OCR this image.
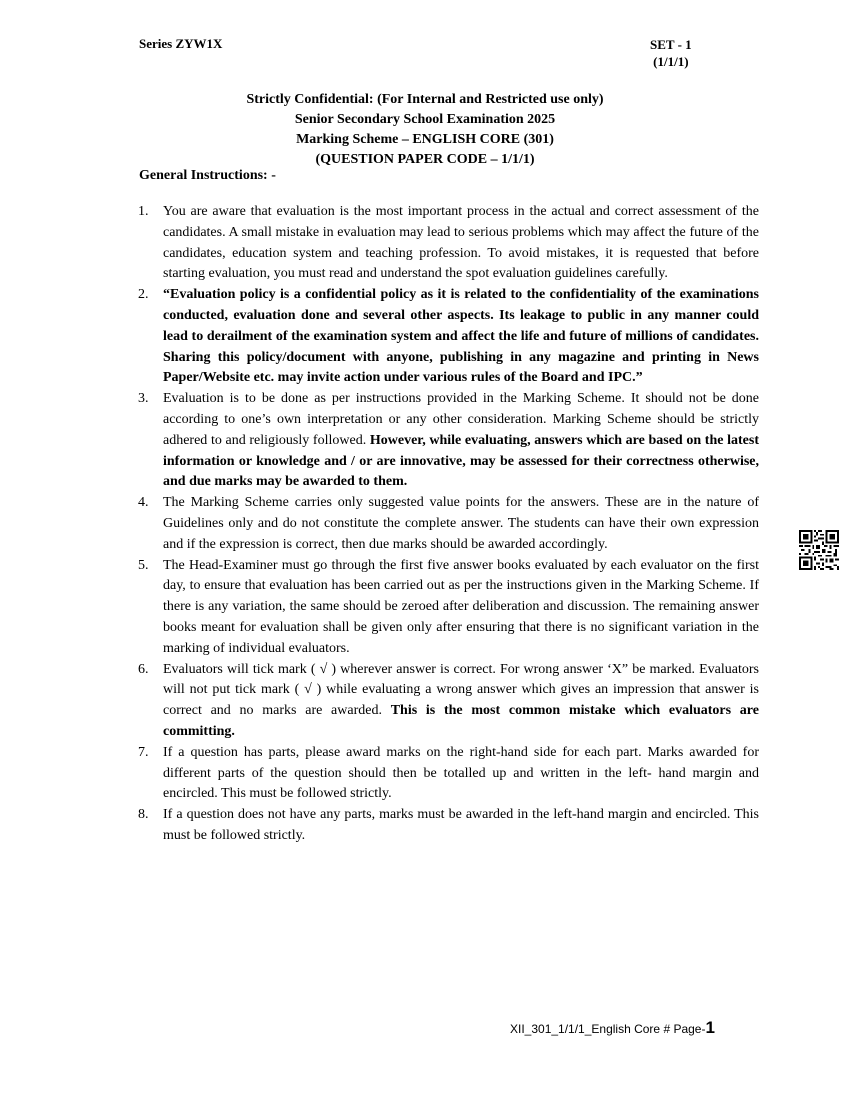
Series ZYW1X	SET - 1
(1/1/1)
Strictly Confidential: (For Internal and Restricted use only)
Senior Secondary School Examination 2025
Marking Scheme – ENGLISH CORE (301)
(QUESTION PAPER CODE – 1/1/1)
General Instructions: -
1. You are aware that evaluation is the most important process in the actual and correct assessment of the candidates. A small mistake in evaluation may lead to serious problems which may affect the future of the candidates, education system and teaching profession. To avoid mistakes, it is requested that before starting evaluation, you must read and understand the spot evaluation guidelines carefully.
2. “Evaluation policy is a confidential policy as it is related to the confidentiality of the examinations conducted, evaluation done and several other aspects. Its leakage to public in any manner could lead to derailment of the examination system and affect the life and future of millions of candidates. Sharing this policy/document with anyone, publishing in any magazine and printing in News Paper/Website etc. may invite action under various rules of the Board and IPC.”
3. Evaluation is to be done as per instructions provided in the Marking Scheme. It should not be done according to one’s own interpretation or any other consideration. Marking Scheme should be strictly adhered to and religiously followed. However, while evaluating, answers which are based on the latest information or knowledge and / or are innovative, may be assessed for their correctness otherwise, and due marks may be awarded to them.
4. The Marking Scheme carries only suggested value points for the answers. These are in the nature of Guidelines only and do not constitute the complete answer. The students can have their own expression and if the expression is correct, then due marks should be awarded accordingly.
5. The Head-Examiner must go through the first five answer books evaluated by each evaluator on the first day, to ensure that evaluation has been carried out as per the instructions given in the Marking Scheme. If there is any variation, the same should be zeroed after deliberation and discussion. The remaining answer books meant for evaluation shall be given only after ensuring that there is no significant variation in the marking of individual evaluators.
6. Evaluators will tick mark ( √ ) wherever answer is correct. For wrong answer ‘X” be marked. Evaluators will not put tick mark ( √ ) while evaluating a wrong answer which gives an impression that answer is correct and no marks are awarded. This is the most common mistake which evaluators are committing.
7. If a question has parts, please award marks on the right-hand side for each part. Marks awarded for different parts of the question should then be totalled up and written in the left- hand margin and encircled. This must be followed strictly.
8. If a question does not have any parts, marks must be awarded in the left-hand margin and encircled. This must be followed strictly.
XII_301_1/1/1_English Core # Page-1
